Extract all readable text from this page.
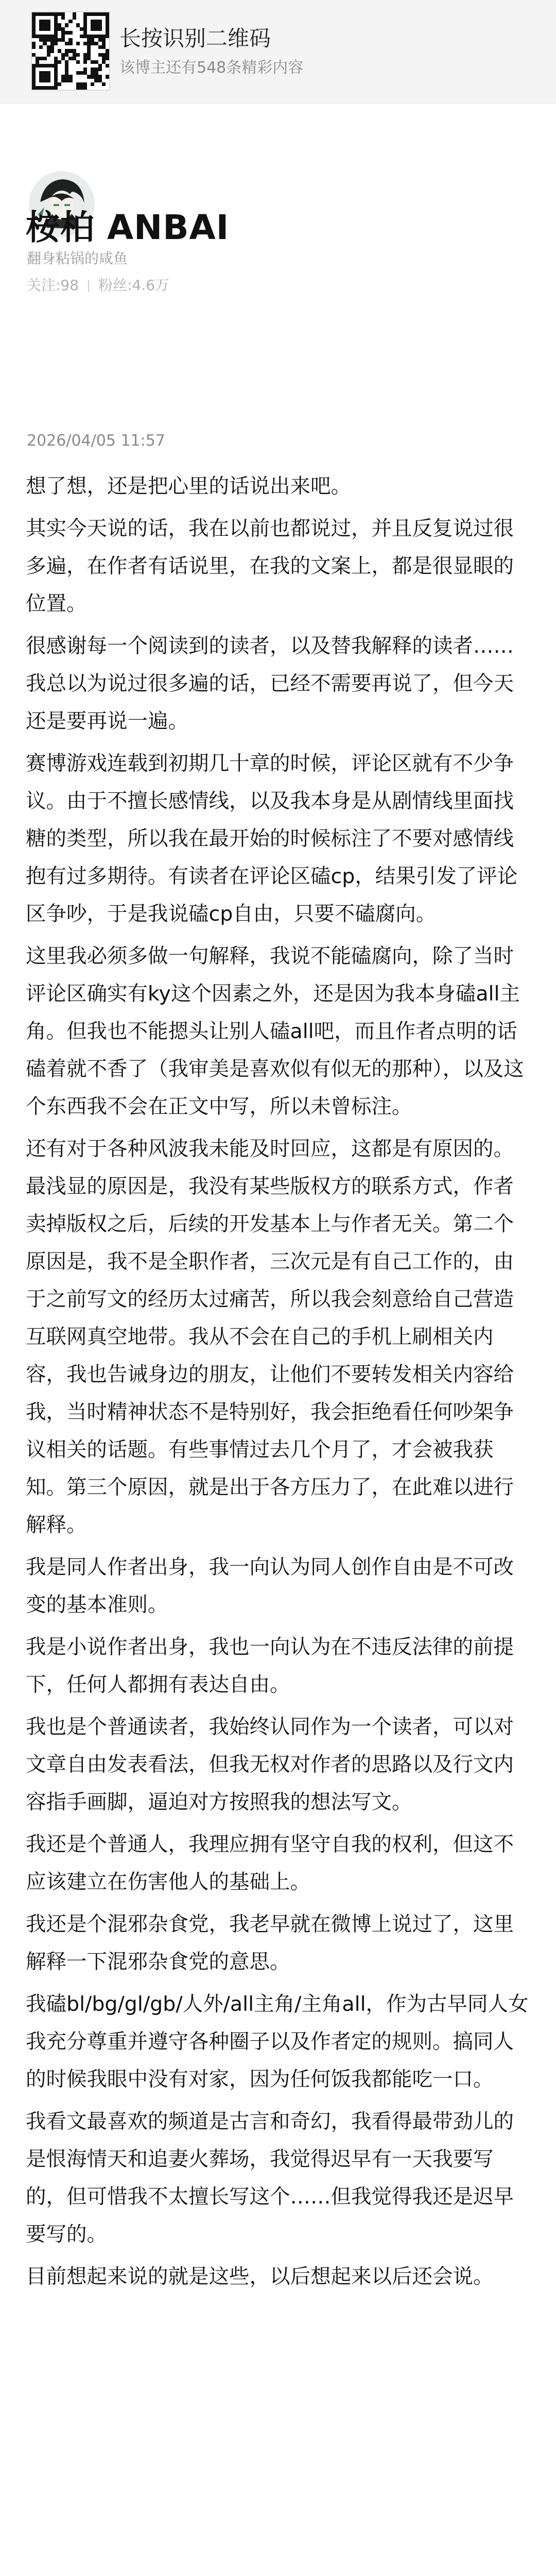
长按识别二维码
该博主还有548条精彩内容
桉柏 ANBAI
翻身粘锅的咸鱼
关注:98 粉丝:4.6万
2026/04/05 11:57

想了想，还是把心里的话说出来吧。

其实今天说的话，我在以前也都说过，并且反复说过很多遍，在作者有话说里，在我的文案上，都是很显眼的位置。

很感谢每一个阅读到的读者，以及替我解释的读者……我总以为说过很多遍的话，已经不需要再说了，但今天还是要再说一遍。

赛博游戏连载到初期几十章的时候，评论区就有不少争议。由于不擅长感情线，以及我本身是从剧情线里面找糖的类型，所以我在最开始的时候标注了不要对感情线抱有过多期待。有读者在评论区磕cp，结果引发了评论区争吵，于是我说磕cp自由，只要不磕腐向。

这里我必须多做一句解释，我说不能磕腐向，除了当时评论区确实有ky这个因素之外，还是因为我本身磕all主角。但我也不能摁头让别人磕all吧，而且作者点明的话磕着就不香了（我审美是喜欢似有似无的那种），以及这个东西我不会在正文中写，所以未曾标注。

还有对于各种风波我未能及时回应，这都是有原因的。最浅显的原因是，我没有某些版权方的联系方式，作者卖掉版权之后，后续的开发基本上与作者无关。第二个原因是，我不是全职作者，三次元是有自己工作的，由于之前写文的经历太过痛苦，所以我会刻意给自己营造互联网真空地带。我从不会在自己的手机上刷相关内容，我也告诫身边的朋友，让他们不要转发相关内容给我，当时精神状态不是特别好，我会拒绝看任何吵架争议相关的话题。有些事情过去几个月了，才会被我获知。第三个原因，就是出于各方压力了，在此难以进行解释。

我是同人作者出身，我一向认为同人创作自由是不可改变的基本准则。

我是小说作者出身，我也一向认为在不违反法律的前提下，任何人都拥有表达自由。

我也是个普通读者，我始终认同作为一个读者，可以对文章自由发表看法，但我无权对作者的思路以及行文内容指手画脚，逼迫对方按照我的想法写文。

我还是个普通人，我理应拥有坚守自我的权利，但这不应该建立在伤害他人的基础上。

我还是个混邪杂食党，我老早就在微博上说过了，这里解释一下混邪杂食党的意思。

我磕bl/bg/gl/gb/人外/all主角/主角all，作为古早同人女我充分尊重并遵守各种圈子以及作者定的规则。搞同人的时候我眼中没有对家，因为任何饭我都能吃一口。

我看文最喜欢的频道是古言和奇幻，我看得最带劲儿的是恨海情天和追妻火葬场，我觉得迟早有一天我要写的，但可惜我不太擅长写这个……但我觉得我还是迟早要写的。

目前想起来说的就是这些，以后想起来以后还会说。
